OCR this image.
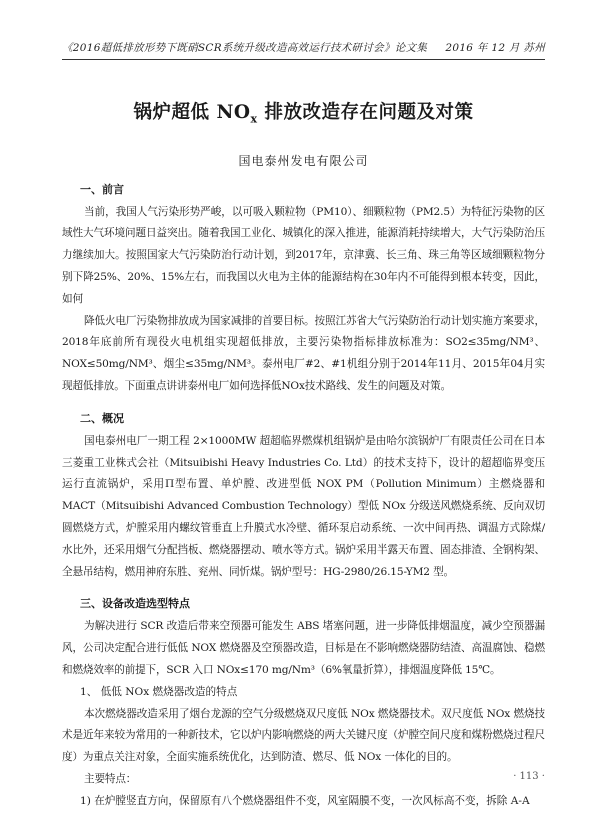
《2016超低排放形势下既硝SCR系统升级改造高效运行技术研讨会》论文集 2016 年 12 月 苏州
锅炉超低 $NO_x$ 排放改造存在问题及对策
国电泰州发电有限公司
一、前言

当前，我国人气污染形势严峻，以可吸入颗粒物（PM10）、细颗粒物（PM2.5）为特征污染物的区域性大气环境问题日益突出。随着我国工业化、城镇化的深入推进，能源消耗持续增大，大气污染防治压力继续加大。按照国家大气污染防治行动计划，到2017年，京津冀、长三角、珠三角等区域细颗粒物分别下降25%、20%、15%左右，而我国以火电为主体的能源结构在30年内不可能得到根本转变，因此，如何

降低火电厂污染物排放成为国家减排的首要目标。按照江苏省大气污染防治行动计划实施方案要求，2018年底前所有现役火电机组实现超低排放，主要污染物指标排放标准为：SO2≤35mg/NM³、NOX≤50mg/NM³、烟尘≤35mg/NM³。泰州电厂#2、#1机组分别于2014年11月、2015年04月实现超低排放。下面重点讲讲泰州电厂如何选择低NOx技术路线、发生的问题及对策。

二、概况

国电泰州电厂一期工程 2×1000MW 超超临界燃煤机组锅炉是由哈尔滨锅炉厂有限责任公司在日本三菱重工业株式会社（Mitsuibishi Heavy Industries Co. Ltd）的技术支持下，设计的超超临界变压运行直流锅炉，采用Π型布置、单炉膛、改进型低 NOX PM（Pollution Minimum）主燃烧器和 MACT（Mitsuibishi Advanced Combustion Technology）型低 NOx 分级送风燃烧系统、反向双切圆燃烧方式，炉膛采用内螺纹管垂直上升膜式水冷壁、循环泵启动系统、一次中间再热、调温方式除煤/水比外，还采用烟气分配挡板、燃烧器摆动、喷水等方式。锅炉采用半露天布置、固态排渣、全钢构架、全悬吊结构，燃用神府东胜、兖州、同忻煤。锅炉型号：HG-2980/26.15-YM2 型。

三、设备改造选型特点

为解决进行 SCR 改造后带来空预器可能发生 ABS 堵塞问题，进一步降低排烟温度，减少空预器漏风，公司决定配合进行低低 NOX 燃烧器及空预器改造，目标是在不影响燃烧器防结渣、高温腐蚀、稳燃和燃烧效率的前提下，SCR 入口 NOx≤170 mg/Nm³（6%氧量折算），排烟温度降低 15℃。

1、 低低 NOx 燃烧器改造的特点

本次燃烧器改造采用了烟台龙源的空气分级燃烧双尺度低 NOx 燃烧器技术。双尺度低 NOx 燃烧技术是近年来较为常用的一种新技术，它以炉内影响燃烧的两大关键尺度（炉膛空间尺度和煤粉燃烧过程尺度）为重点关注对象，全面实施系统优化，达到防渣、燃尽、低 NOx 一体化的目的。

主要特点：

1) 在炉膛竖直方向，保留原有八个燃烧器组件不变，风室隔膜不变，一次风标高不变，拆除 A-A
· 113 ·
